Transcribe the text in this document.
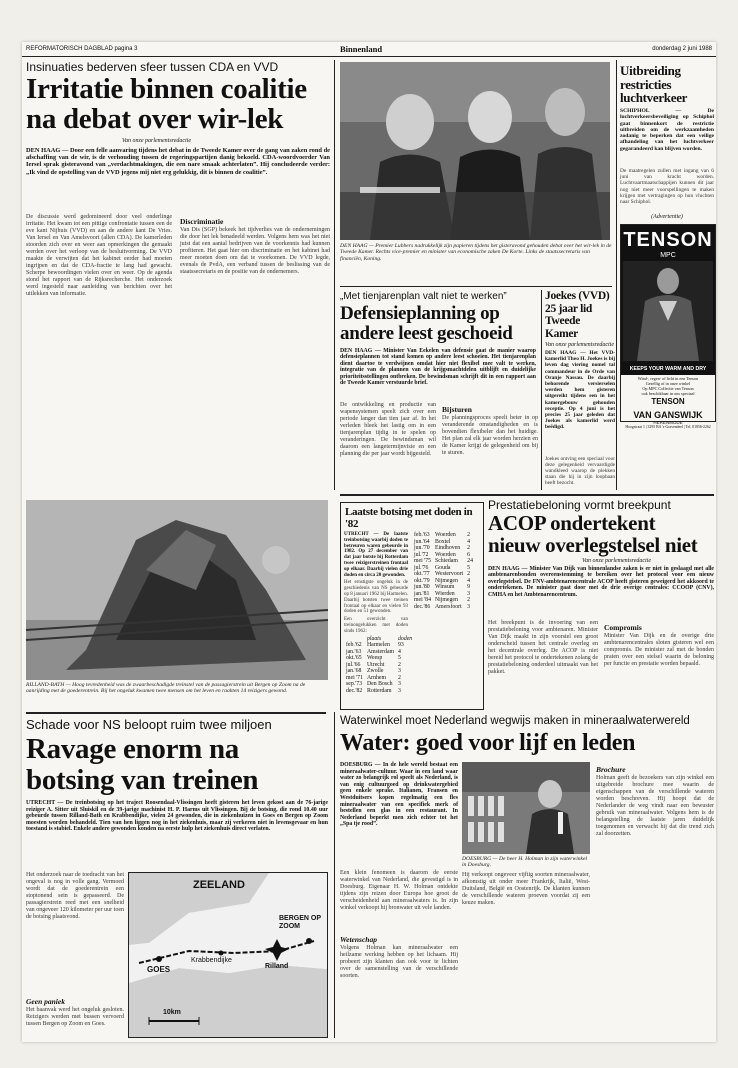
REFORMATORISCH DAGBLAD pagina 3	Binnenland	donderdag 2 juni 1988
Insinuaties bederven sfeer tussen CDA en VVD
Irritatie binnen coalitie
na debat over wir-lek
Van onze parlementsredactie
DEN HAAG — Door een felle aanvaring tijdens het debat in de Tweede Kamer over de gang van zaken rond de afschaffing van de wir, is de verhouding tussen de regeringspartijen danig bekoeld. CDA-woordvoerder Van Iersel sprak gisteravond van „verdachtmakingen, die een nare smaak achterlaten”. Hij concludeerde verder: „Ik vind de opstelling van de VVD jegens mij niet erg gelukkig, dit is binnen de coalitie”.
De discussie werd gedomineerd door veel onderlinge irritatie. Het kwam tot een pittige confrontatie tussen een de eve kant Nijhuis (VVD) en aan de andere kant De Vries. Van Iersel en Van Amelsvoort (allen CDA). De kamerleden stoorden zich over en weer aan opmerkingen die gemaakt werden over het verloop van de besluitvorming. De VVD maakte de verwijten dat het kabinet eerder had moeten ingrijpen en dat de CDA-fractie te lang had gewacht. Scherpe bewoordingen vielen over en weer. Op de agenda stond het rapport van de Rijksrecherche. Het onderzoek werd ingesteld naar aanleiding van berichten over het uitlekken van informatie.
Discriminatie
Van Dis (SGP) bekeek het tijdverlies van de ondernemingen die door het lek benadeeld werden. Volgens hem was het niet juist dat een aantal bedrijven van de voorkennis had kunnen profiteren. Het gaat hier om discriminatie en het kabinet had meer moeten doen om dat te voorkomen. De VVD legde, evenals de PvdA, een verband tussen de beslissing van de staatssecretaris en de positie van de ondernemers.
DEN HAAG — Premier Lubbers nadrukkelijk zijn papieren tijdens het gisteravond gehouden debat over het wir-lek in de Tweede Kamer. Rechts vice-premier en minister van economische zaken De Korte. Links de staatssecretaris van financiën, Koning.
Uitbreiding restricties luchtverkeer
SCHIPHOL — De luchtverkeersbeveiliging op Schiphol gaat binnenkort de restrictie uitbreiden om de werkzaamheden zodanig te beperken dat een veilige afhandeling van het luchtverkeer gegarandeerd kan blijven worden.
De maatregelen zullen met ingang van 6 juni van kracht worden. Luchtvaartmaatschappijen kunnen dit jaar nog niet meer voorspellingen te maken krijgen met vertragingen op hun vluchten naar Schiphol.
(Advertentie)
TENSON
MPC
KEEPS YOUR WARM AND DRY
Wind-, regen- of licht in een Tenson
Gezellig of in onze winkel
Op MPC Collectie van Tenson
ook beschikbaar in ons speciaal
TENSON
VAN GANSWIJK
HERENMODE
Hoogstraat 1 | 3295 BA 's-Gravendeel | Tel. 01856-2262
„Met tienjarenplan valt niet te werken”
Defensieplanning op
andere leest geschoeid
DEN HAAG — Minister Van Eekelen van defensie gaat de manier waarop defensieplannen tot stand komen op andere leest schoeien. Het tienjarenplan dient daartoe te verdwijnen omdat hier niet flexibel mee valt te werken, integratie van de plannen van de krijgsmachtdelen uitblijft en duidelijke prioriteitsstellingen ontbreken. De bewindsman schrijft dit in een rapport aan de Tweede Kamer verstuurde brief.
De ontwikkeling en productie van wapensystemen speelt zich over een periode langer dan tien jaar af. In het verleden bleek het lastig om in een tienjarenplan tijdig in te spelen op veranderingen. De bewindsman wil daarom een langetermijnvisie en een planning die per jaar wordt bijgesteld.
Bijsturen
De planningsproces speelt beter in op veranderende omstandigheden en is bovendien flexibeler dan het huidige. Het plan zal elk jaar worden herzien en de Kamer krijgt de gelegenheid om bij te sturen.
Joekes (VVD) 25 jaar lid Tweede Kamer
Van onze parlementsredactie
DEN HAAG — Het VVD-kamerlid Theo H. Joekes is bij leven dag viering nomel tal commandeur in de Orde van Oranje Nassau. De daarbij behorende versierselen werden hem gisteren uitgereikt tijdens een in het kamergebouw gehouden receptie. Op 4 juni is het precies 25 jaar geleden dat Joekes als kamerlid werd beëdigd.
Joekes ontving een speciaal voor deze gelegenheid vervaardigde wandkleed waarop de plekken staan die hij in zijn loopbaan heeft bezocht.
Prestatiebeloning vormt breekpunt
ACOP ondertekent
nieuw overlegstelsel niet
Van onze parlementsredactie
DEN HAAG — Minister Van Dijk van binnenlandse zaken is er niet in geslaagd met alle ambtenarenbonden overeenstemming te bereiken over het protocol voor een nieuw overlegstelsel. De FNV-ambtenarencentrale ACOP heeft gisteren geweigerd het akkoord te ondertekenen. De minister gaat door met de drie overige centrales: CCOOP (CNV), CMHA en het Ambtenarencentrum.
Het breekpunt is de invoering van een prestatiebeloning voor ambtenaren. Minister Van Dijk maakt in zijn voorstel een groot onderscheid tussen het centrale overleg en het decentrale overleg. De ACOP is niet bereid het protocol te ondertekenen zolang de prestatiebeloning onderdeel uitmaakt van het pakket.
Compromis
Minister Van Dijk en de overige drie ambtenarencentrales sloten gisteren wel een compromis. De minister zal met de bonden praten over een stelsel waarin de beloning per functie en prestatie worden bepaald.
RILLAND-BATH — Hoog tevredenheid was de zwaarbeschadigde treinstel van de passagierstrein uit Bergen op Zoom na de aanrijding met de goederentrein. Bij het ongeluk kwamen twee mensen om het leven en raakten 14 reizigers gewond.
Laatste botsing met doden in '82
UTRECHT — De laatste treinbotsing waarbij doden te betreuren waren gebeurde in 1982. Op 27 december van dat jaar botste bij Rotterdam twee reizigerstreinen frontaal op elkaar. Daarbij vielen drie doden en circa 20 gewonden.
Het ernstigste ongeluk in de geschiedenis van NS gebeurde op 8 januari 1962 bij Harmelen. Daarbij botsten twee treinen frontaal op elkaar en vielen 93 doden en 51 gewonden.
Een overzicht van treinongelukken met doden sinds 1962:
	plaats	doden
feb.'62	Harmelen	93
jan.'63	Amsterdam	4
okt.'65	Weesp	5
jul.'66	Utrecht	2
jan.'68	Zwolle	3
mei '71	Arnhem	2
sep.'73	Den Bosch	3
dec.'82	Rotterdam	3
feb.'63	Woerden	2
jun.'64	Boxtel	4
jun.'70	Eindhoven	2
jul.'72	Woerden	6
mei '75	Schiedam	24
jul.'76	Gouda	5
okt.'77	Westervoort	2
okt.'79	Nijmegen	4
jun.'80	Winsum	9
jan.'81	Wierden	3
mei '84	Nijmegen	2
dec.'86	Amersfoort	3
Schade voor NS beloopt ruim twee miljoen
Ravage enorm na
botsing van treinen
UTRECHT — De treinbotsing op het traject Roosendaal-Vlissingen heeft gisteren het leven gekost aan de 76-jarige reiziger A. Sitter uit Sluiskil en de 39-jarige machinist H. P. Harms uit Vlissingen. Bij de botsing, die rond 10.40 uur gebeurde tussen Rilland-Bath en Krabbendijke, vielen 24 gewonden, die in ziekenhuizen in Goes en Bergen op Zoom moesten worden behandeld. Tien van hen liggen nog in het ziekenhuis, maar zij verkeren niet in levensgevaar en hun toestand is stabiel. Enkele andere gewonden konden na eerste hulp het ziekenhuis direct verlaten.
Het onderzoek naar de toedracht van het ongeval is nog in volle gang. Vermoed wordt dat de goederentrein een stoptonend sein is gepasseerd. De passagierstrein reed met een snelheid van ongeveer 120 kilometer per uur toen de botsing plaatsvond.
Geen paniek
Het baanvak werd het ongeluk gesloten. Reizigers werden met bussen vervoerd tussen Bergen op Zoom en Goes.
ZEELAND
GOES
Krabbendijke
Rilland
BERGEN OP ZOOM
10km
Waterwinkel moet Nederland wegwijs maken in mineraalwaterwereld
Water: goed voor lijf en leden
DOESBURG — In de hele wereld bestaat een mineraalwater-cultuur. Waar in een land waar water zo belangrijk rol speelt als Nederland, is van enig cultuurgoed op drinkwatergebied geen enkele sprake. Italianen, Fransen en Westduitsers kopen regelmatig een fles mineraalwater van een specifiek merk of bestellen een glas in een restaurant. In Nederland beperkt men zich echter tot het „Spa tje rood”.
Een klein fenomeen is daarom de eerste waterwinkel van Nederland, die gevestigd is in Doesburg. Eigenaar H. W. Holman ontdekte tijdens zijn reizen door Europa hoe groot de verscheidenheid aan mineraalwaters is. In zijn winkel verkoopt hij bronwater uit vele landen.
Wetenschap
Volgens Holman kan mineraalwater een heilzame werking hebben op het lichaam. Hij probeert zijn klanten dan ook voor te lichten over de samenstelling van de verschillende soorten.
DOESBURG — De heer H. Holman in zijn waterwinkel in Doesburg.
Hij verkoopt ongeveer vijftig soorten mineraalwater, afkomstig uit onder meer Frankrijk, Italië, West-Duitsland, België en Oostenrijk. De klanten kunnen de verschillende wateren proeven voordat zij een keuze maken.
Brochure
Holman geeft de bezoekers van zijn winkel een uitgebreide brochure mee waarin de eigenschappen van de verschillende wateren worden beschreven. Hij hoopt dat de Nederlander de weg vindt naar een bewuster gebruik van mineraalwater. Volgens hem is de belangstelling de laatste jaren duidelijk toegenomen en verwacht hij dat die trend zich zal doorzetten.
